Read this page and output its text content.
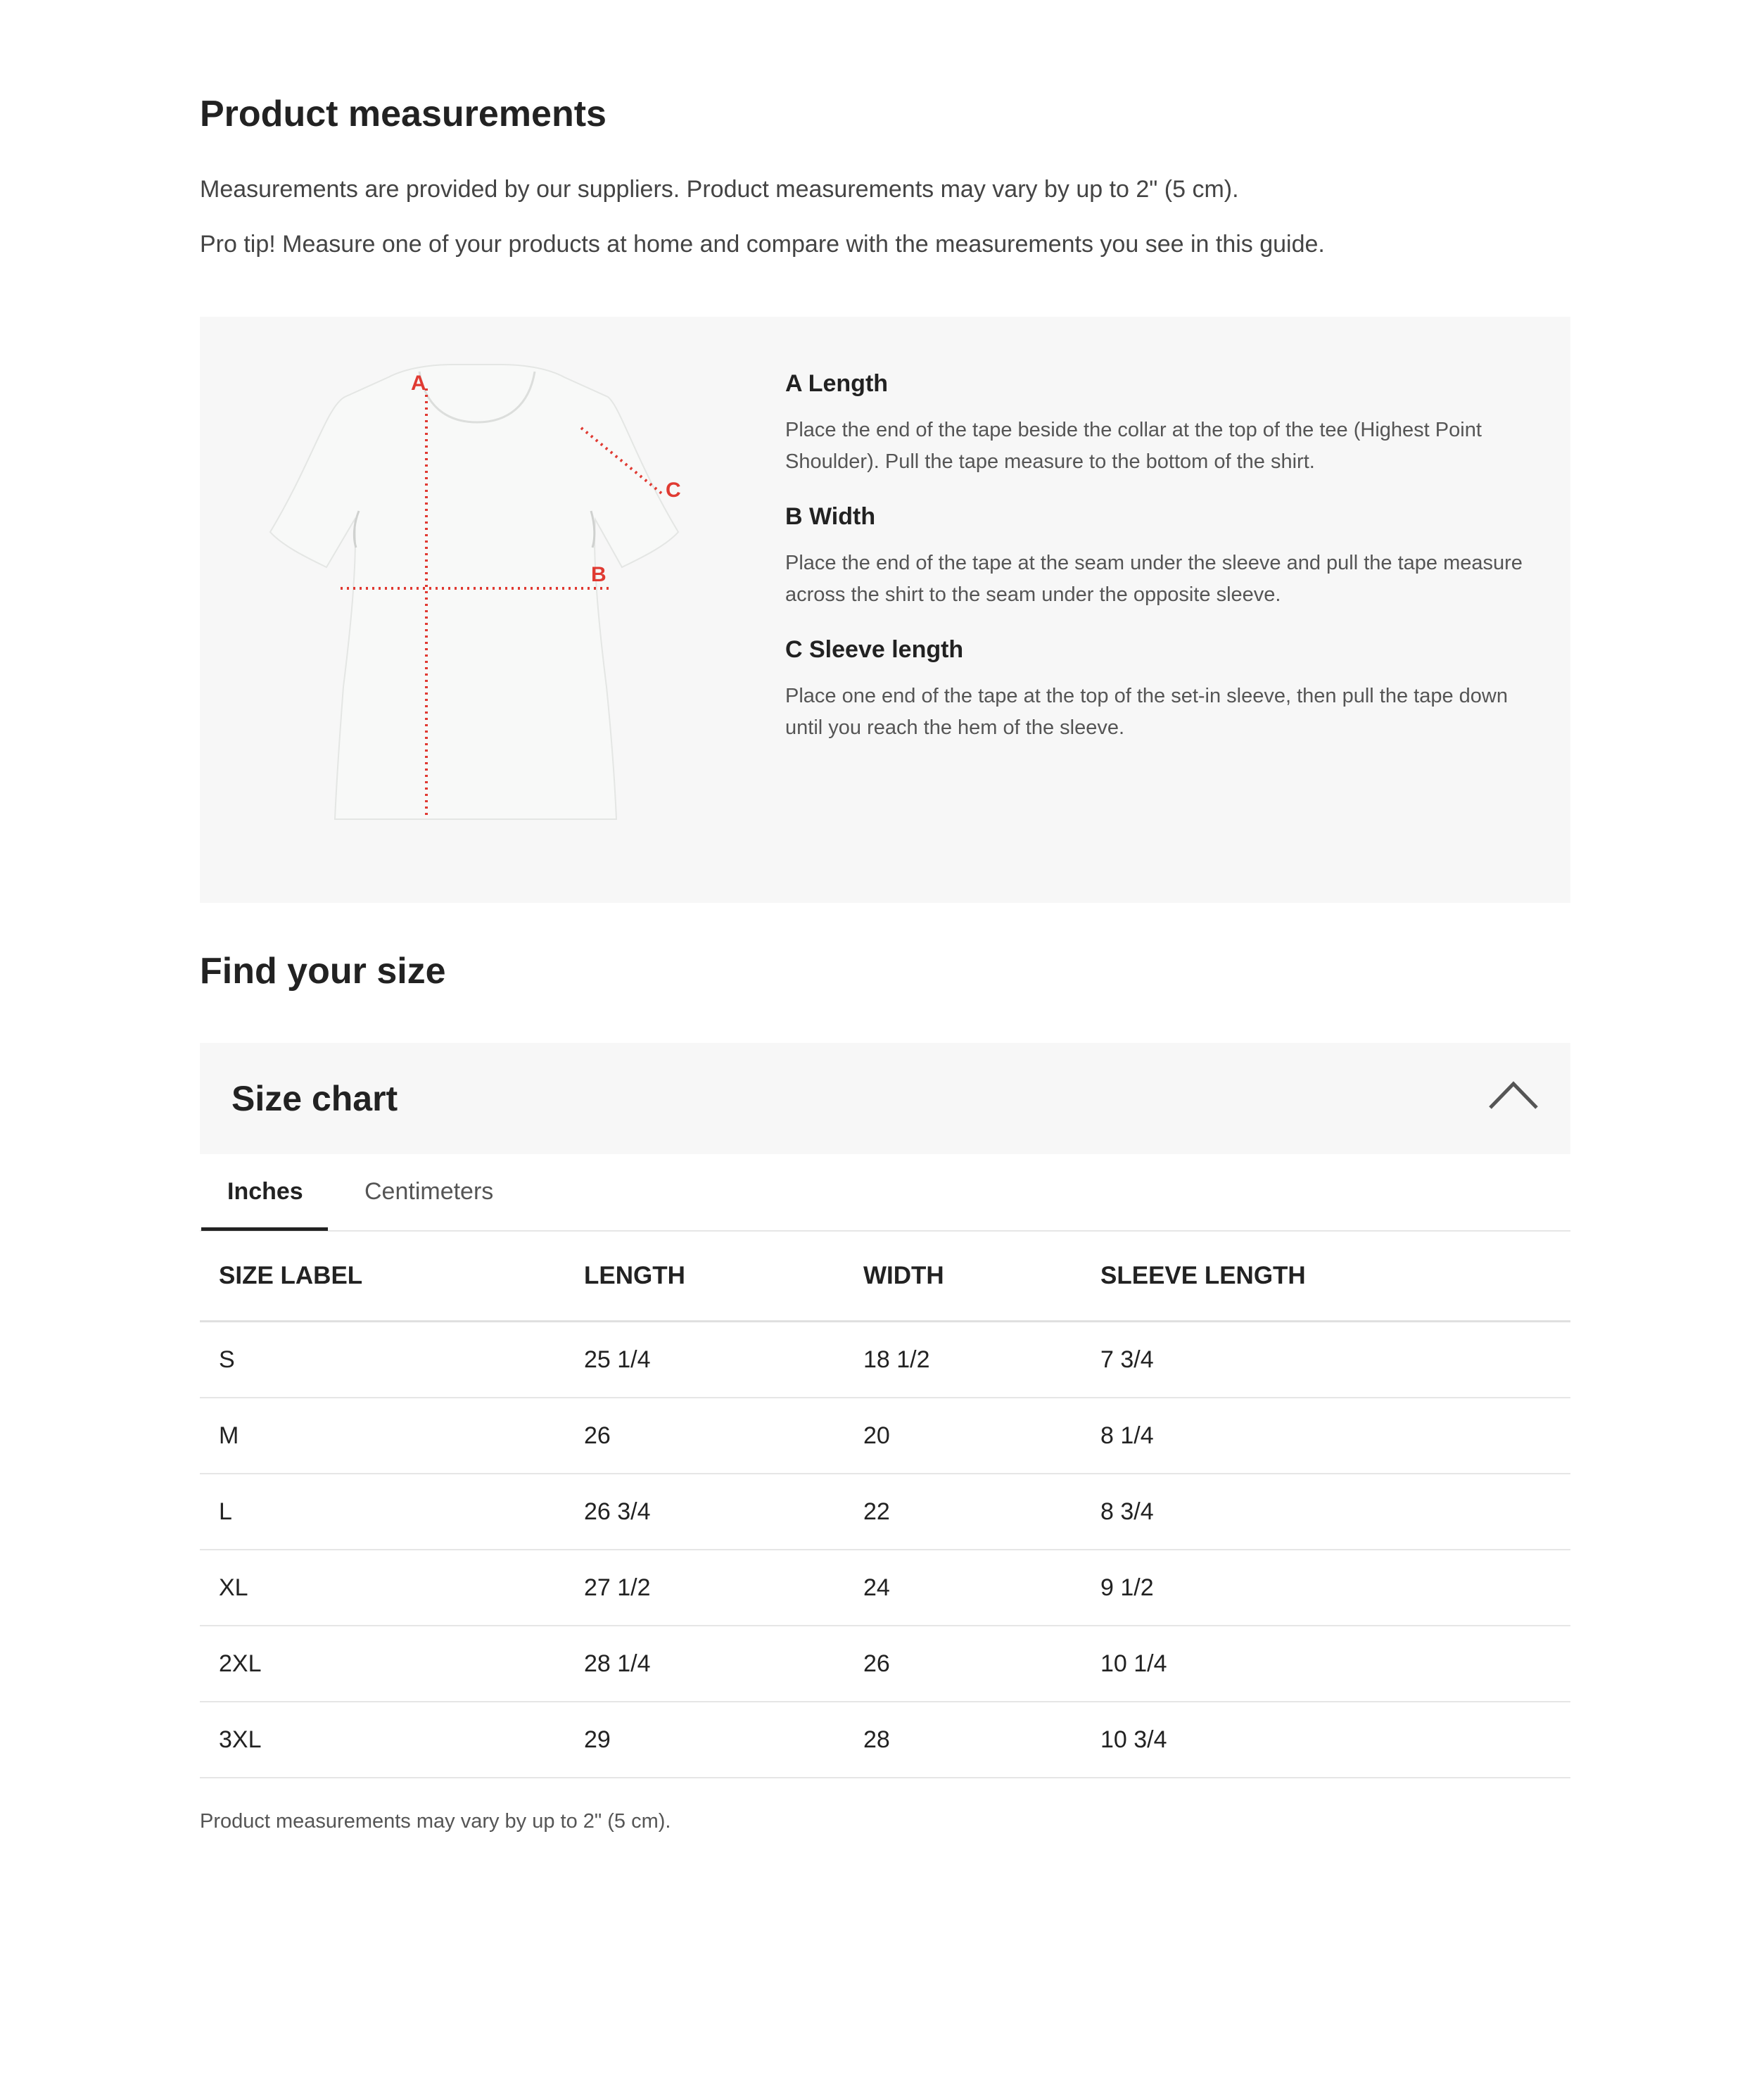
Product measurements
Measurements are provided by our suppliers. Product measurements may vary by up to 2" (5 cm).
Pro tip! Measure one of your products at home and compare with the measurements you see in this guide.
A
B
C
A Length
Place the end of the tape beside the collar at the top of the tee (Highest Point Shoulder). Pull the tape measure to the bottom of the shirt.
B Width
Place the end of the tape at the seam under the sleeve and pull the tape measure across the shirt to the seam under the opposite sleeve.
C Sleeve length
Place one end of the tape at the top of the set-in sleeve, then pull the tape down until you reach the hem of the sleeve.
Find your size
Size chart
Inches	Centimeters
SIZE LABEL	LENGTH	WIDTH	SLEEVE LENGTH
S	25 1/4	18 1/2	7 3/4
M	26	20	8 1/4
L	26 3/4	22	8 3/4
XL	27 1/2	24	9 1/2
2XL	28 1/4	26	10 1/4
3XL	29	28	10 3/4
Product measurements may vary by up to 2" (5 cm).
